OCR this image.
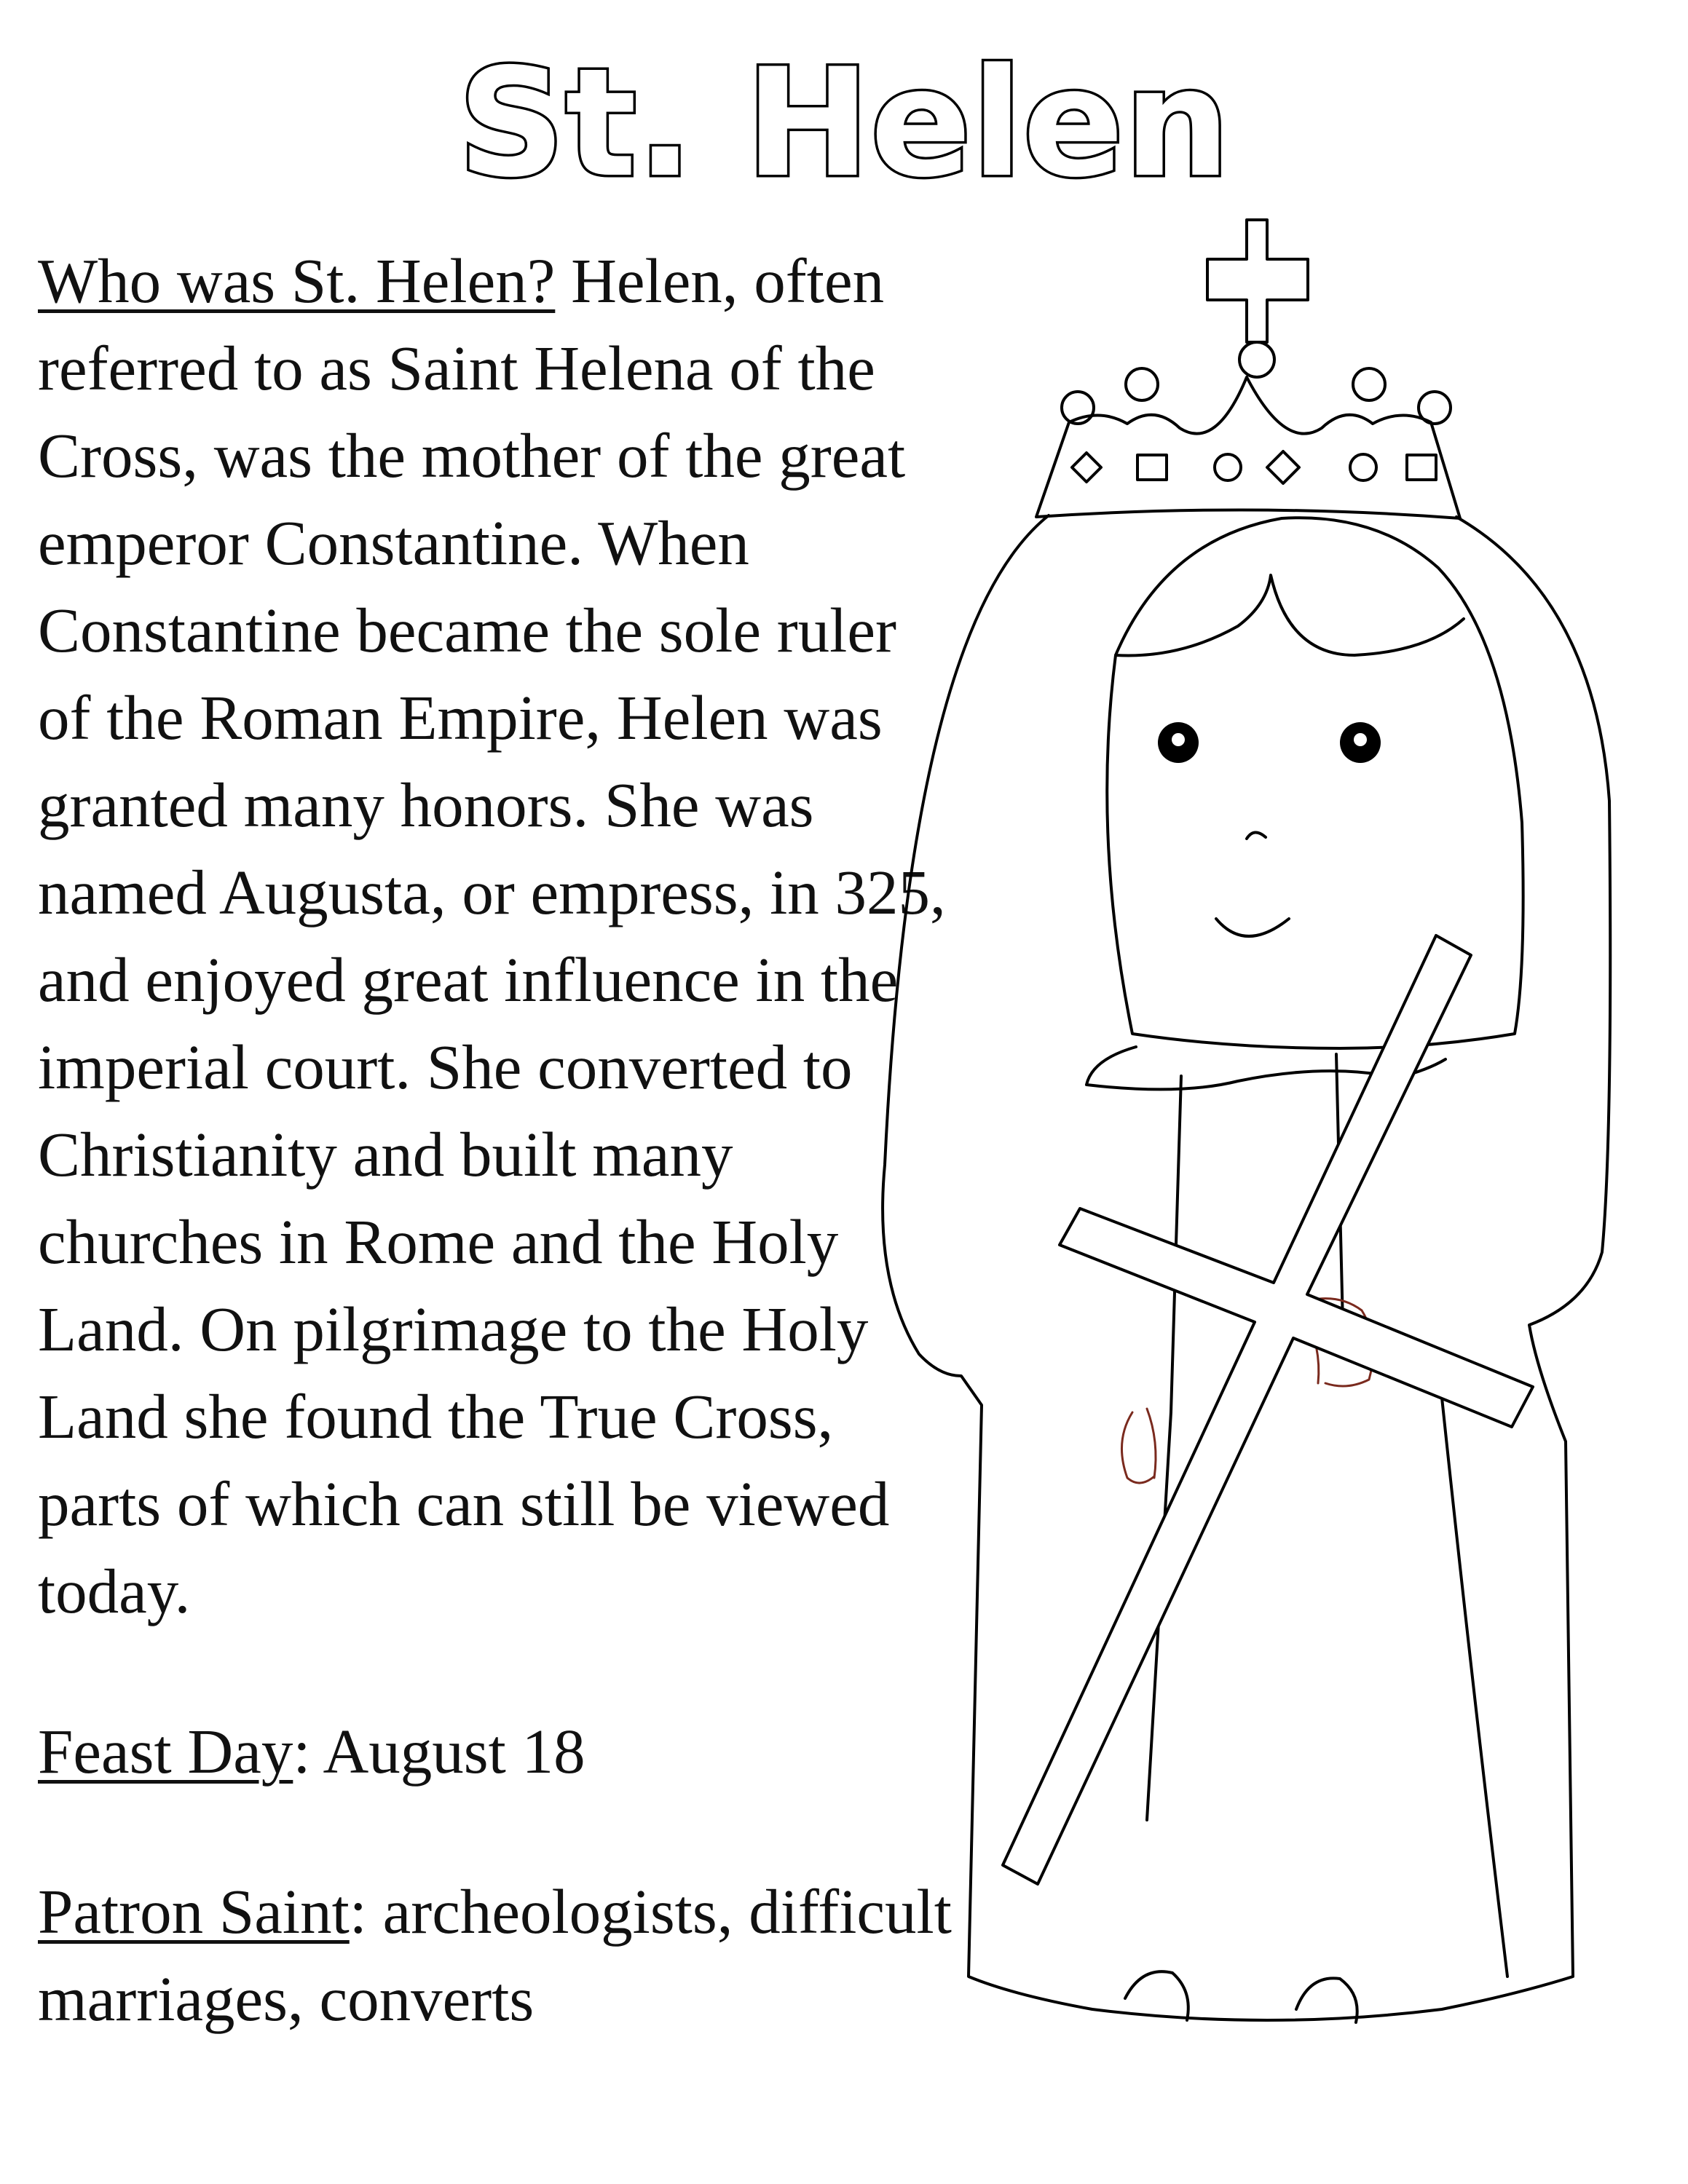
St. Helen

Who was St. Helen? Helen, often referred to as Saint Helena of the Cross, was the mother of the great emperor Constantine. When Constantine became the sole ruler of the Roman Empire, Helen was granted many honors. She was named Augusta, or empress, in 325, and enjoyed great influence in the imperial court. She converted to Christianity and built many churches in Rome and the Holy Land. On pilgrimage to the Holy Land she found the True Cross, parts of which can still be viewed today.

Feast Day: August 18

Patron Saint: archeologists, difficult marriages, converts
